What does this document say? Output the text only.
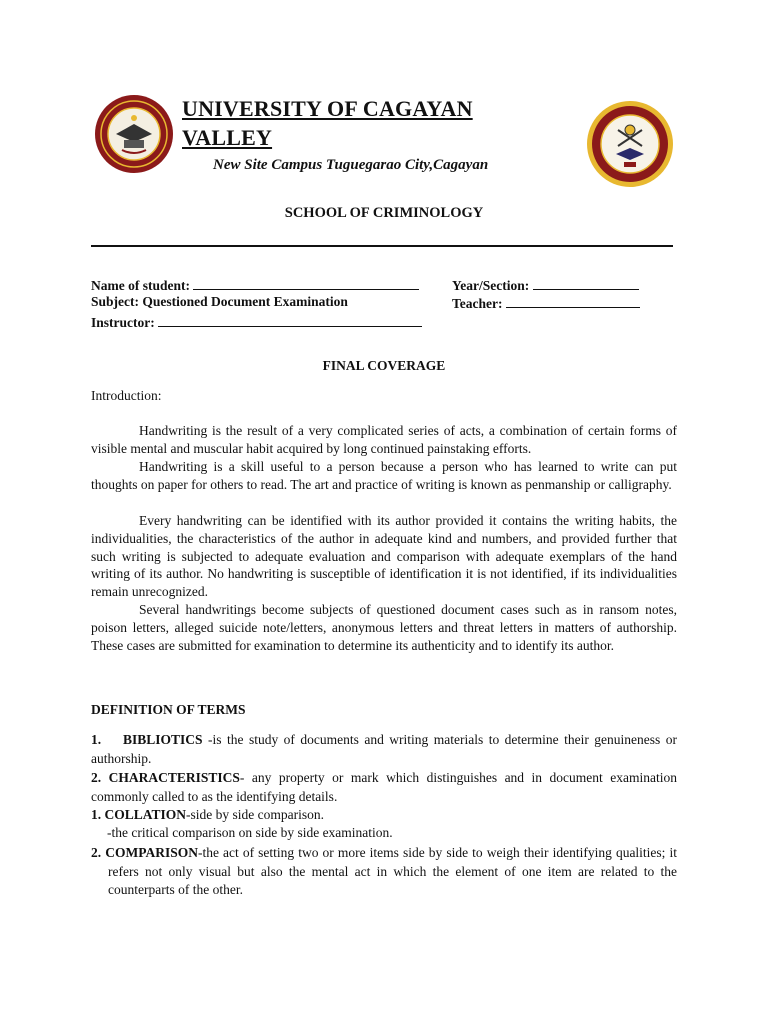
UNIVERSITY OF CAGAYAN
VALLEY
New Site Campus Tuguegarao City,Cagayan
SCHOOL OF CRIMINOLOGY
Name of student:	Year/Section:
Subject: Questioned Document Examination	Teacher:
Instructor:
FINAL COVERAGE
Introduction:

Handwriting is the result of a very complicated series of acts, a combination of certain forms of visible mental and muscular habit acquired by long continued painstaking efforts.

Handwriting is a skill useful to a person because a person who has learned to write can put thoughts on paper for others to read. The art and practice of writing is known as penmanship or calligraphy.

Every handwriting can be identified with its author provided it contains the writing habits, the individualities, the characteristics of the author in adequate kind and numbers, and provided further that such writing is subjected to adequate evaluation and comparison with adequate exemplars of the hand writing of its author. No handwriting is susceptible of identification it is not identified, if its individualities remain unrecognized.

Several handwritings become subjects of questioned document cases such as in ransom notes, poison letters, alleged suicide note/letters, anonymous letters and threat letters in matters of authorship. These cases are submitted for examination to determine its authenticity and to identify its author.

DEFINITION OF TERMS

1. BIBLIOTICS -is the study of documents and writing materials to determine their genuineness or authorship.

2. CHARACTERISTICS- any property or mark which distinguishes and in document examination commonly called to as the identifying details.

1. COLLATION-side by side comparison.

-the critical comparison on side by side examination.

2. COMPARISON-the act of setting two or more items side by side to weigh their identifying qualities; it refers not only visual but also the mental act in which the element of one item are related to the counterparts of the other.
